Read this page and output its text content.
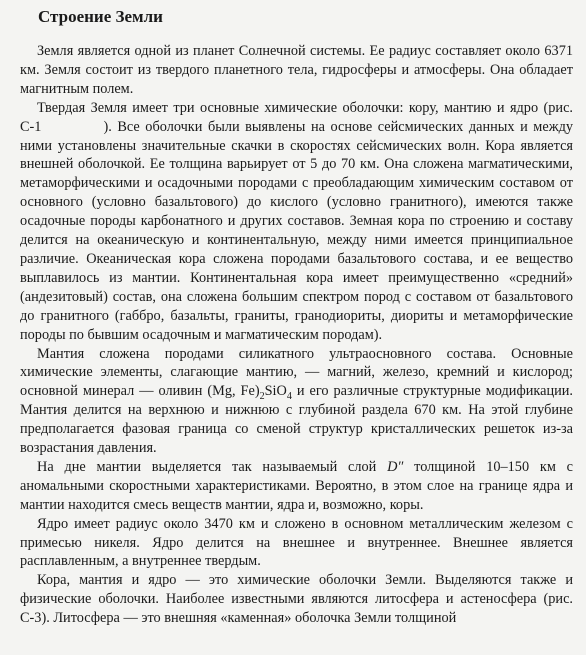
Строение Земли

Земля является одной из планет Солнечной системы. Ее радиус составляет около 6371 км. Земля состоит из твердого планетного тела, гидросферы и атмосферы. Она обладает магнитным полем.

Твердая Земля имеет три основные химические оболочки: кору, мантию и ядро (рис. С-1	). Все оболочки были выявлены на основе сейсмических данных и между ними установлены значительные скачки в скоростях сейсмических волн. Кора является внешней оболочкой. Ее толщина варьирует от 5 до 70 км. Она сложена магматическими, метаморфическими и осадочными породами с преобладающим химическим составом от основного (условно базальтового) до кислого (условно гранитного), имеются также осадочные породы карбонатного и других составов. Земная кора по строению и составу делится на океаническую и континентальную, между ними имеется принципиальное различие. Океаническая кора сложена породами базальтового состава, и ее вещество выплавилось из мантии. Континентальная кора имеет преимущественно «средний» (андезитовый) состав, она сложена большим спектром пород с составом от базальтового до гранитного (габбро, базальты, граниты, гранодиориты, диориты и метаморфические породы по бывшим осадочным и магматическим породам).

Мантия сложена породами силикатного ультраосновного состава. Основные химические элементы, слагающие мантию, — магний, железо, кремний и кислород; основной минерал — оливин (Mg, $Fe)_2SiO_4$ и его различные структурные модификации. Мантия делится на верхнюю и нижнюю с глубиной раздела 670 км. На этой глубине предполагается фазовая граница со сменой структур кристаллических решеток из-за возрастания давления.

На дне мантии выделяется так называемый слой D″ толщиной 10–150 км с аномальными скоростными характеристиками. Вероятно, в этом слое на границе ядра и мантии находится смесь веществ мантии, ядра и, возможно, коры.

Ядро имеет радиус около 3470 км и сложено в основном металлическим железом с примесью никеля. Ядро делится на внешнее и внутреннее. Внешнее является расплавленным, а внутреннее твердым.

Кора, мантия и ядро — это химические оболочки Земли. Выделяются также и физические оболочки. Наиболее известными являются литосфера и астеносфера (рис. С-3). Литосфера — это внешняя «каменная» оболочка Земли толщиной
